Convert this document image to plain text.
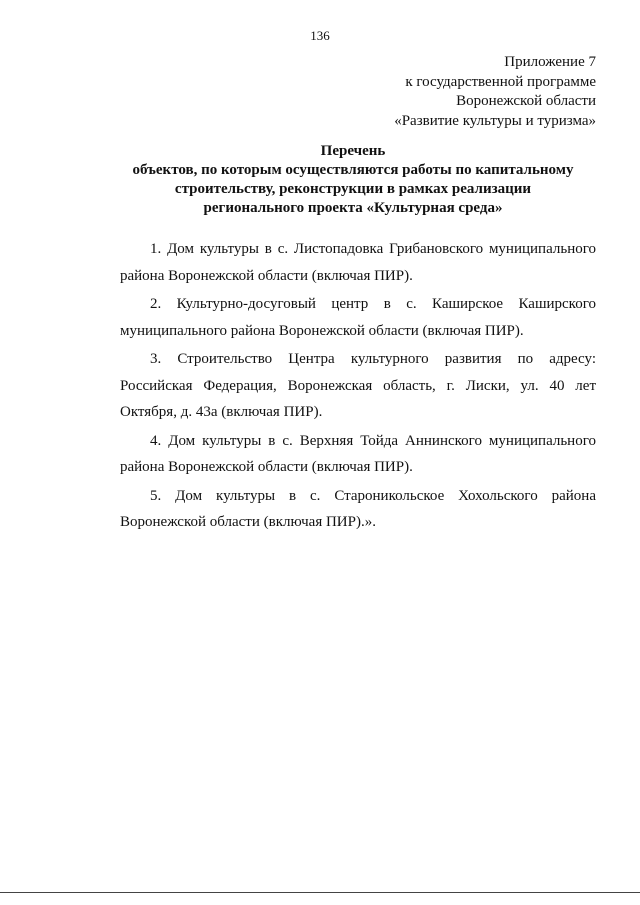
136
Приложение 7
к государственной программе
Воронежской области
«Развитие культуры и туризма»
Перечень
объектов, по которым осуществляются работы по капитальному
строительству, реконструкции в рамках реализации
регионального проекта «Культурная среда»

1. Дом культуры в с. Листопадовка Грибановского муниципального района Воронежской области (включая ПИР).

2. Культурно-досуговый центр в с. Каширское Каширского муниципального района Воронежской области (включая ПИР).

3. Строительство Центра культурного развития по адресу: Российская Федерация, Воронежская область, г. Лиски, ул. 40 лет Октября, д. 43а (включая ПИР).

4. Дом культуры в с. Верхняя Тойда Аннинского муниципального района Воронежской области (включая ПИР).

5. Дом культуры в с. Староникольское Хохольского района Воронежской области (включая ПИР).».
